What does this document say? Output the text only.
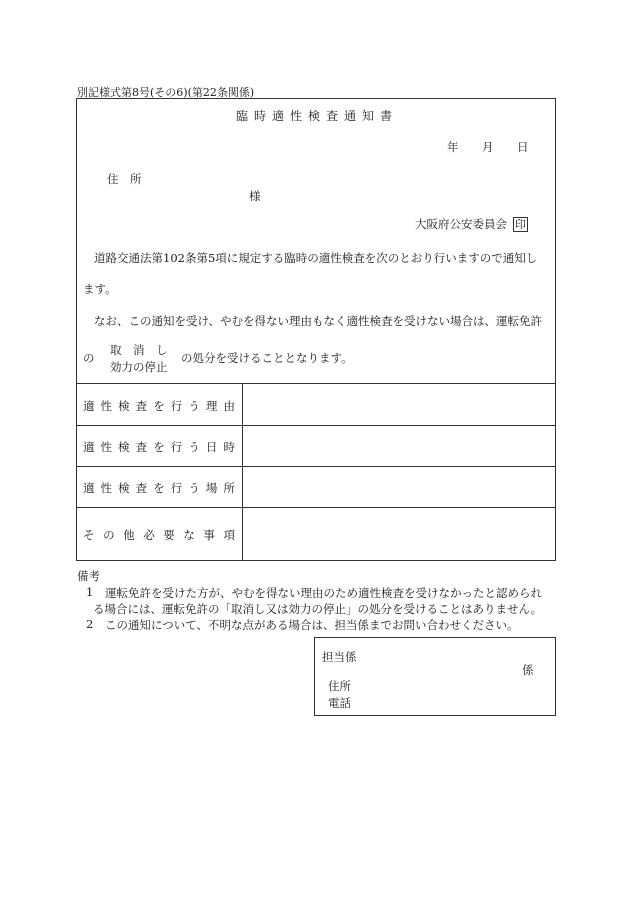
別記様式第8号(その6)(第22条関係)
臨時適性検査通知書
年 月 日
住　所
様
大阪府公安委員会 印
道路交通法第102条第5項に規定する臨時の適性検査を次のとおり行いますので通知し
ます。
なお、この通知を受け、やむを得ない理由もなく適性検査を受けない場合は、運転免許
の
取　消　し
効力の停止
の処分を受けることとなります。
適性検査を行う理由
適性検査を行う日時
適性検査を行う場所
その他必要な事項
備考
1 運転免許を受けた方が、やむを得ない理由のため適性検査を受けなかったと認められ
る場合には、運転免許の「取消し又は効力の停止」の処分を受けることはありません。
2 この通知について、不明な点がある場合は、担当係までお問い合わせください。
担当係
係
住所
電話
